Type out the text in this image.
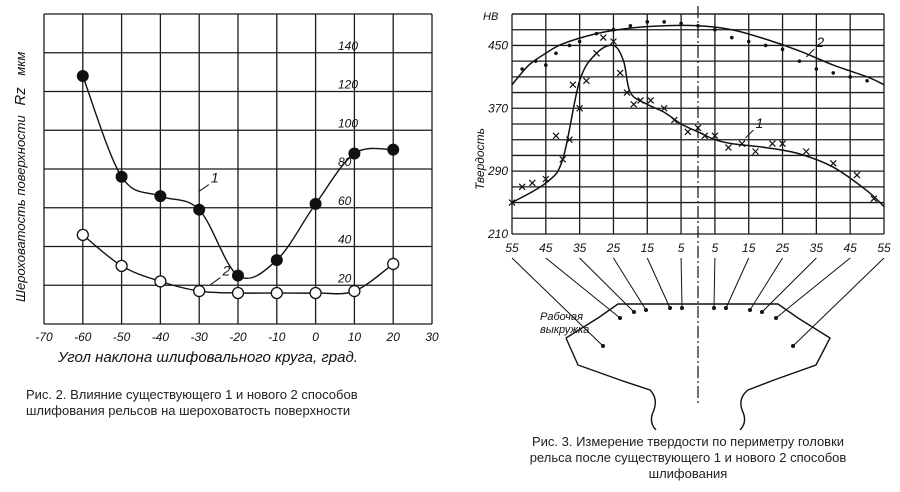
1
2
-70 -60 -50 -40 -30 -20 -10 0 10 20 30
20
40
60
80
100
120
140
Угол наклона шлифовального круга, град.
Шероховатость поверхности Rz мкм
1
2
55 45 35 25 15 5 5 15 25 35 45 55
210
290
370
450
HB
Твердость
Рабочая
выкружка
Рис. 2. Влияние существующего 1 и нового 2 способов
шлифования рельсов на шероховатость поверхности
Рис. 3. Измерение твердости по периметру головки
рельса после существующего 1 и нового 2 способов
шлифования
